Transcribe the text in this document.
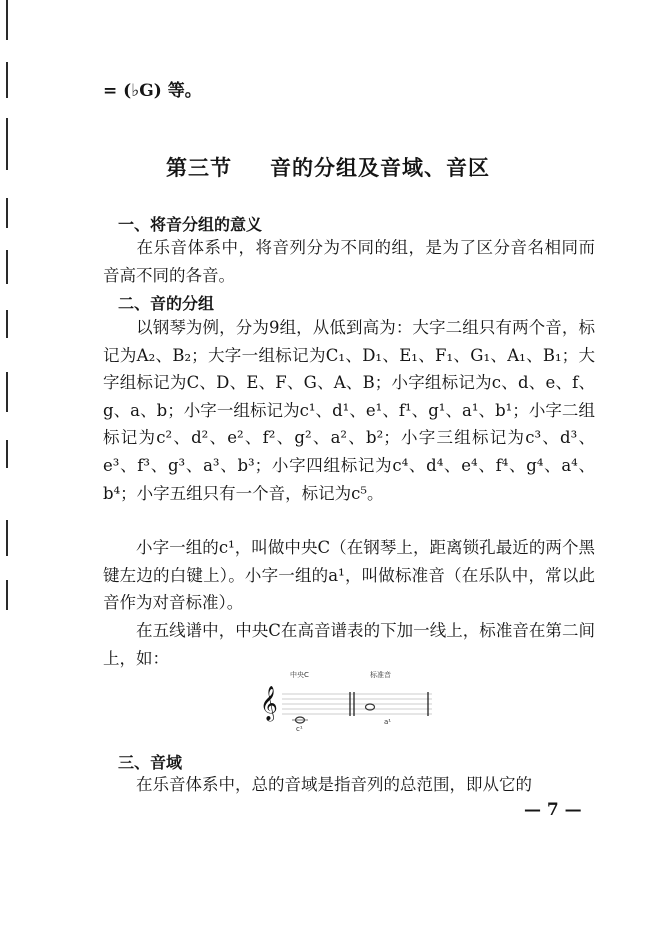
= (♭G) 等。
第三节 音的分组及音域、音区
一、将音分组的意义
在乐音体系中，将音列分为不同的组，是为了区分音名相同而音高不同的各音。
二、音的分组
以钢琴为例，分为9组，从低到高为：大字二组只有两个音，标记为A₂、B₂；大字一组标记为C₁、D₁、E₁、F₁、G₁、A₁、B₁；大字组标记为C、D、E、F、G、A、B；小字组标记为c、d、e、f、g、a、b；小字一组标记为c¹、d¹、e¹、f¹、g¹、a¹、b¹；小字二组标记为c²、d²、e²、f²、g²、a²、b²；小字三组标记为c³、d³、e³、f³、g³、a³、b³；小字四组标记为c⁴、d⁴、e⁴、f⁴、g⁴、a⁴、b⁴；小字五组只有一个音，标记为c⁵。
小字一组的c¹，叫做中央C（在钢琴上，距离锁孔最近的两个黑键左边的白键上）。小字一组的a¹，叫做标准音（在乐队中，常以此音作为对音标准）。
在五线谱中，中央C在高音谱表的下加一线上，标准音在第二间上，如：
中央C	标准音
𝄞
c¹
a¹
三、音域
在乐音体系中，总的音域是指音列的总范围，即从它的
— 7 —
